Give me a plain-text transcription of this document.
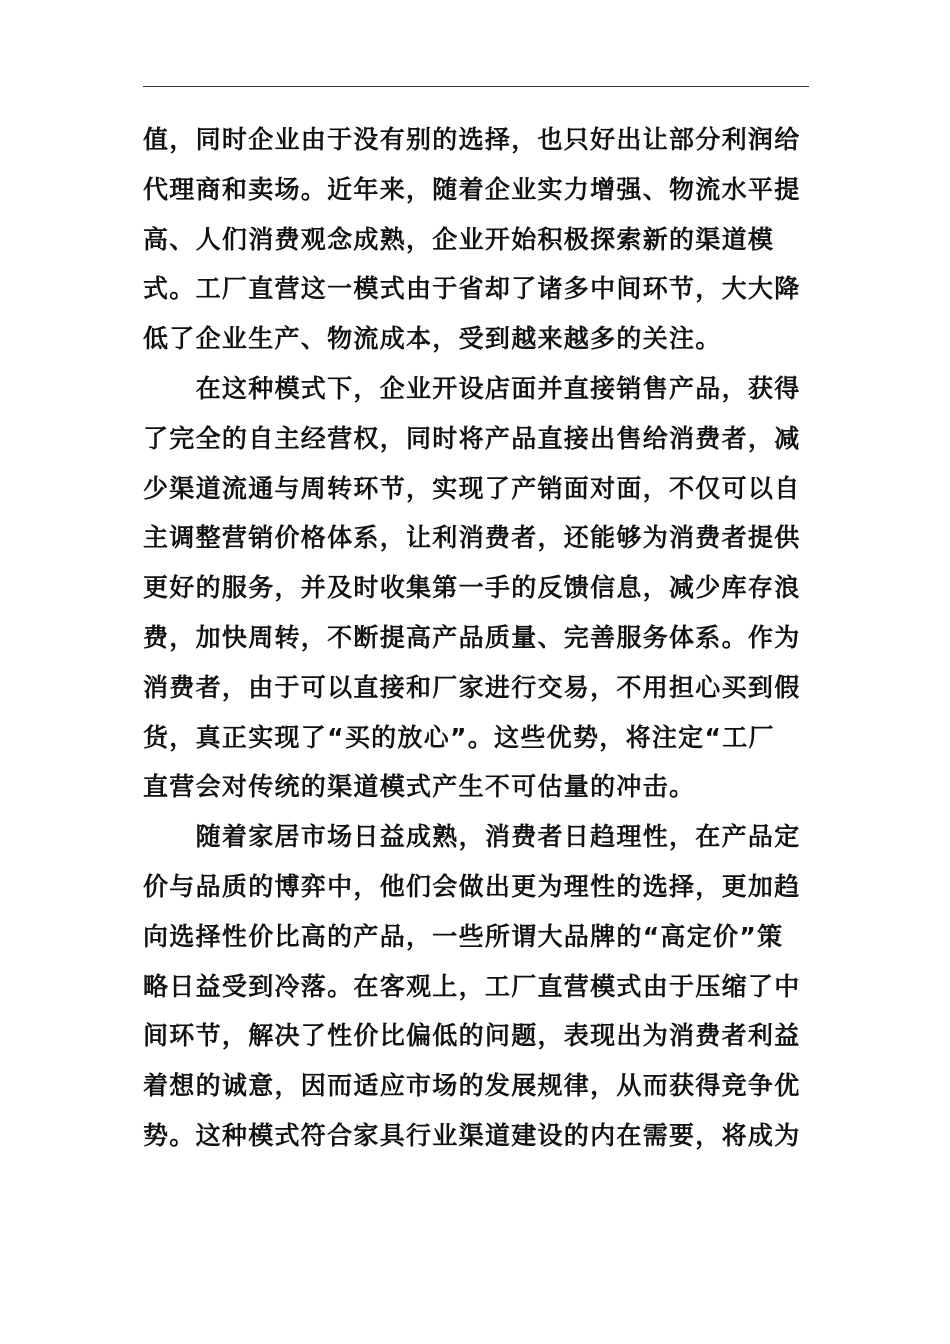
值，同时企业由于没有别的选择，也只好出让部分利润给
代理商和卖场。近年来，随着企业实力增强、物流水平提
高、人们消费观念成熟，企业开始积极探索新的渠道模
式。工厂直营这一模式由于省却了诸多中间环节，大大降
低了企业生产、物流成本，受到越来越多的关注。
　　在这种模式下，企业开设店面并直接销售产品，获得
了完全的自主经营权，同时将产品直接出售给消费者，减
少渠道流通与周转环节，实现了产销面对面，不仅可以自
主调整营销价格体系，让利消费者，还能够为消费者提供
更好的服务，并及时收集第一手的反馈信息，减少库存浪
费，加快周转，不断提高产品质量、完善服务体系。作为
消费者，由于可以直接和厂家进行交易，不用担心买到假
货，真正实现了“买的放心”。这些优势，将注定“工厂
直营会对传统的渠道模式产生不可估量的冲击。
　　随着家居市场日益成熟，消费者日趋理性，在产品定
价与品质的博弈中，他们会做出更为理性的选择，更加趋
向选择性价比高的产品，一些所谓大品牌的“高定价”策
略日益受到冷落。在客观上，工厂直营模式由于压缩了中
间环节，解决了性价比偏低的问题，表现出为消费者利益
着想的诚意，因而适应市场的发展规律，从而获得竞争优
势。这种模式符合家具行业渠道建设的内在需要，将成为
